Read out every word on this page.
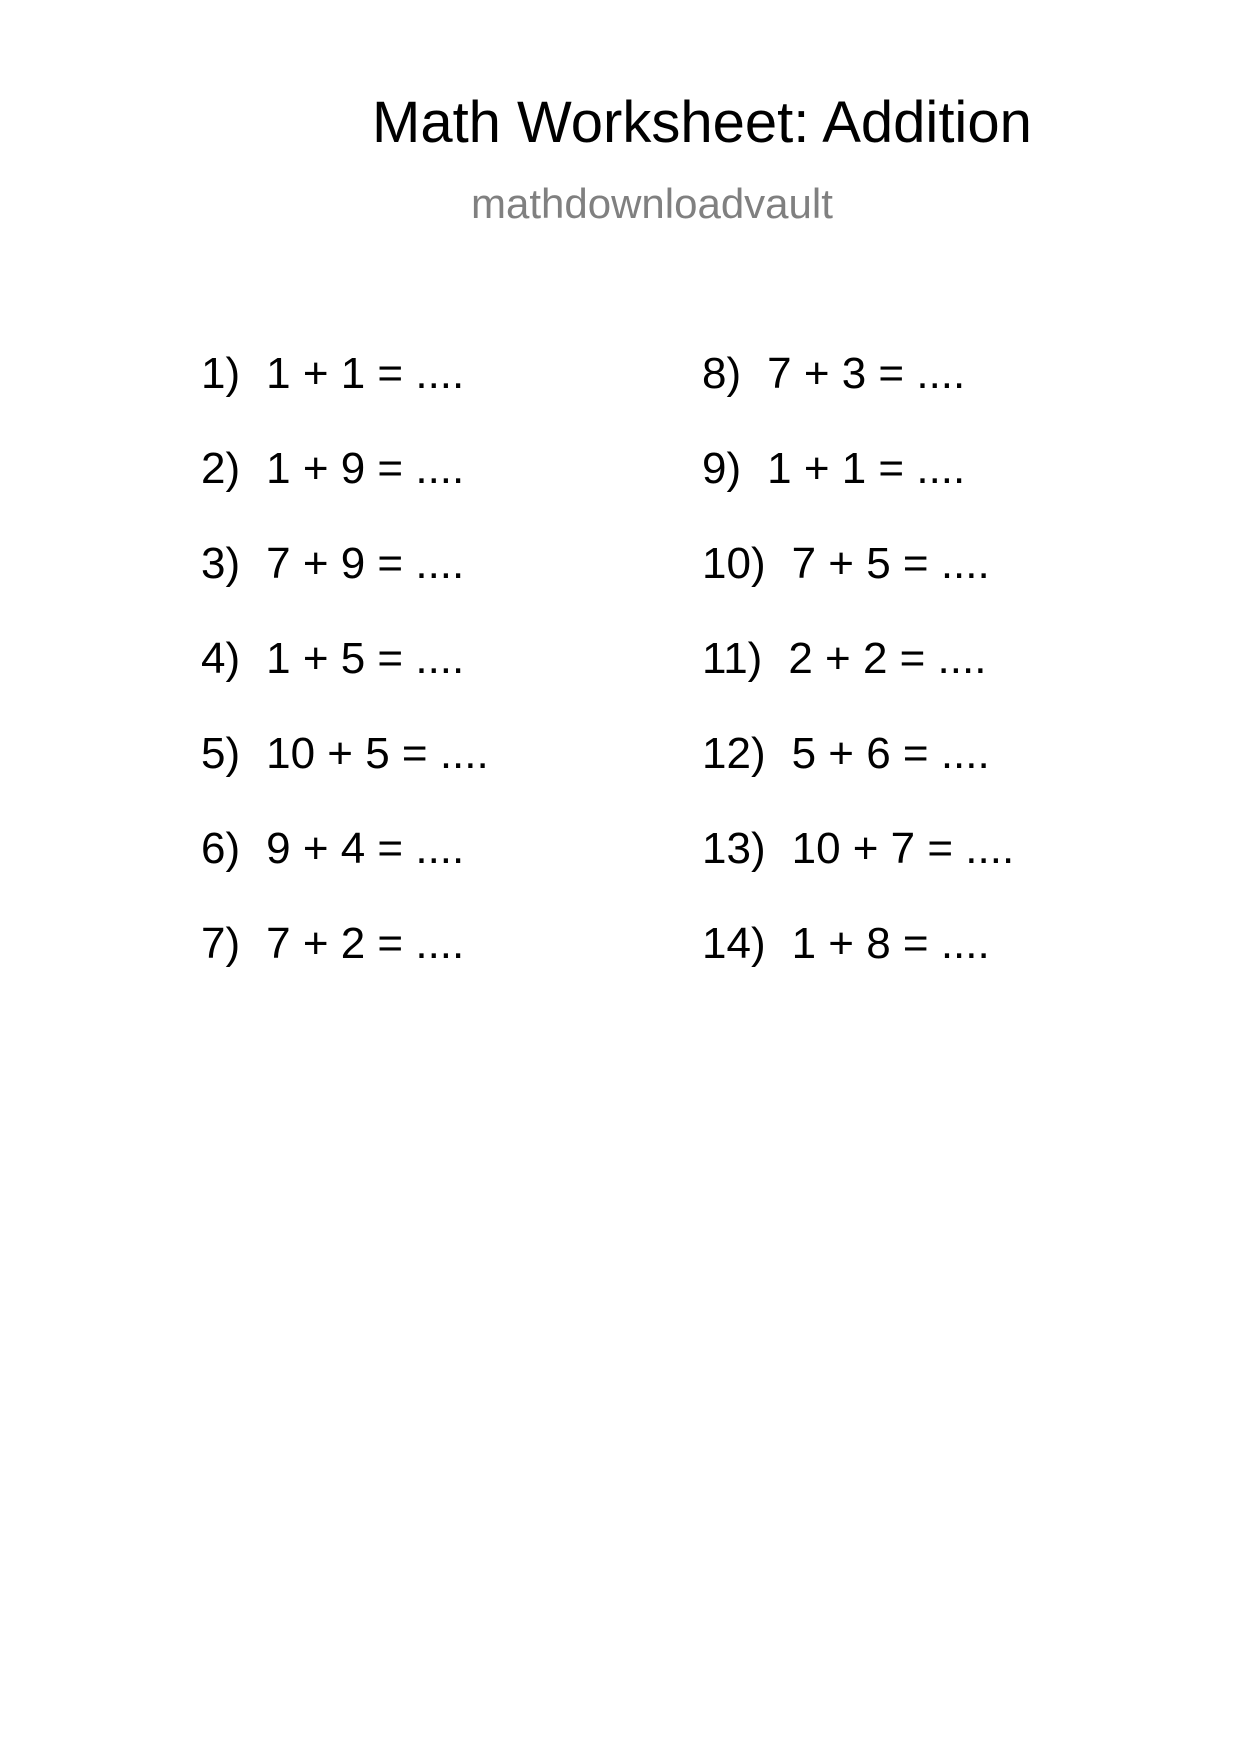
Math Worksheet: Addition
mathdownloadvault
1) 1 + 1 = ....
2) 1 + 9 = ....
3) 7 + 9 = ....
4) 1 + 5 = ....
5) 10 + 5 = ....
6) 9 + 4 = ....
7) 7 + 2 = ....
8) 7 + 3 = ....
9) 1 + 1 = ....
10) 7 + 5 = ....
11) 2 + 2 = ....
12) 5 + 6 = ....
13) 10 + 7 = ....
14) 1 + 8 = ....
